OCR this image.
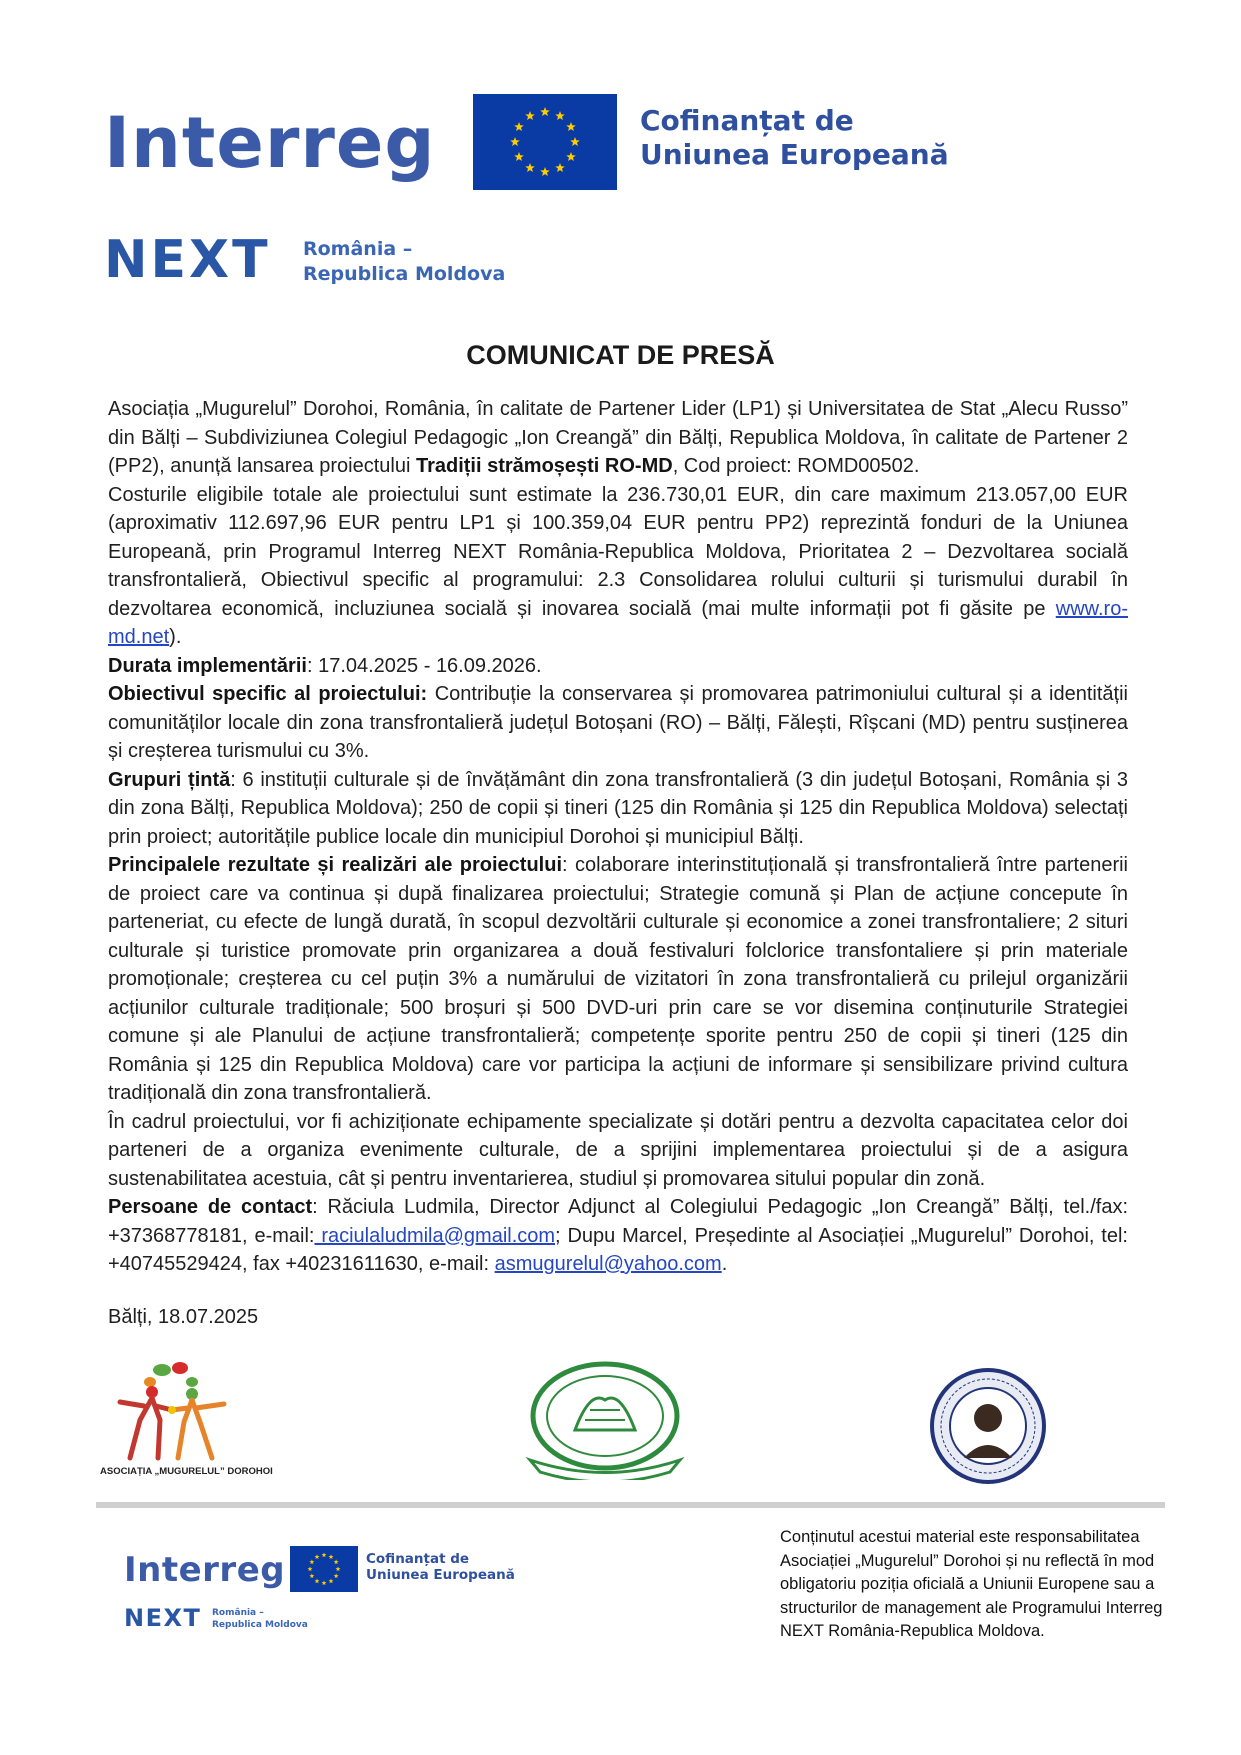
Interreg	Cofinanțat de
Uniunea Europeană
NEXT România –
Republica Moldova
COMUNICAT DE PRESĂ

Asociația „Mugurelul” Dorohoi, România, în calitate de Partener Lider (LP1) și Universitatea de Stat „Alecu Russo” din Bălți – Subdiviziunea Colegiul Pedagogic „Ion Creangă” din Bălți, Republica Moldova, în calitate de Partener 2 (PP2), anunță lansarea proiectului Tradiții strămoșești RO-MD, Cod proiect: ROMD00502.

Costurile eligibile totale ale proiectului sunt estimate la 236.730,01 EUR, din care maximum 213.057,00 EUR (aproximativ 112.697,96 EUR pentru LP1 și 100.359,04 EUR pentru PP2) reprezintă fonduri de la Uniunea Europeană, prin Programul Interreg NEXT România-Republica Moldova, Prioritatea 2 – Dezvoltarea socială transfrontalieră, Obiectivul specific al programului: 2.3 Consolidarea rolului culturii și turismului durabil în dezvoltarea economică, incluziunea socială și inovarea socială (mai multe informații pot fi găsite pe www.ro-md.net).

Durata implementării: 17.04.2025 - 16.09.2026.

Obiectivul specific al proiectului: Contribuție la conservarea și promovarea patrimoniului cultural și a identității comunităților locale din zona transfrontalieră județul Botoșani (RO) – Bălți, Fălești, Rîșcani (MD) pentru susținerea și creșterea turismului cu 3%.

Grupuri țintă: 6 instituții culturale și de învățământ din zona transfrontalieră (3 din județul Botoșani, România și 3 din zona Bălți, Republica Moldova); 250 de copii și tineri (125 din România și 125 din Republica Moldova) selectați prin proiect; autoritățile publice locale din municipiul Dorohoi și municipiul Bălți.

Principalele rezultate și realizări ale proiectului: colaborare interinstituțională și transfrontalieră între partenerii de proiect care va continua și după finalizarea proiectului; Strategie comună și Plan de acțiune concepute în parteneriat, cu efecte de lungă durată, în scopul dezvoltării culturale și economice a zonei transfrontaliere; 2 situri culturale și turistice promovate prin organizarea a două festivaluri folclorice transfontaliere și prin materiale promoționale; creșterea cu cel puțin 3% a numărului de vizitatori în zona transfrontalieră cu prilejul organizării acțiunilor culturale tradiționale; 500 broșuri și 500 DVD-uri prin care se vor disemina conținuturile Strategiei comune și ale Planului de acțiune transfrontalieră; competențe sporite pentru 250 de copii și tineri (125 din România și 125 din Republica Moldova) care vor participa la acțiuni de informare și sensibilizare privind cultura tradițională din zona transfrontalieră.

În cadrul proiectului, vor fi achiziționate echipamente specializate și dotări pentru a dezvolta capacitatea celor doi parteneri de a organiza evenimente culturale, de a sprijini implementarea proiectului și de a asigura sustenabilitatea acestuia, cât și pentru inventarierea, studiul și promovarea sitului popular din zonă.

Persoane de contact: Răciula Ludmila, Director Adjunct al Colegiului Pedagogic „Ion Creangă” Bălți, tel./fax: +37368778181, e-mail: raciulaludmila@gmail.com; Dupu Marcel, Președinte al Asociației „Mugurelul” Dorohoi, tel: +40745529424, fax +40231611630, e-mail: asmugurelul@yahoo.com.

Bălți, 18.07.2025
ASOCIAȚIA „MUGURELUL” DOROHOI
Interreg	Cofinanțat de
Uniunea Europeană
NEXT România –
Republica Moldova
Conținutul acestui material este responsabilitatea Asociației „Mugurelul” Dorohoi și nu reflectă în mod obligatoriu poziția oficială a Uniunii Europene sau a structurilor de management ale Programului Interreg NEXT România-Republica Moldova.
